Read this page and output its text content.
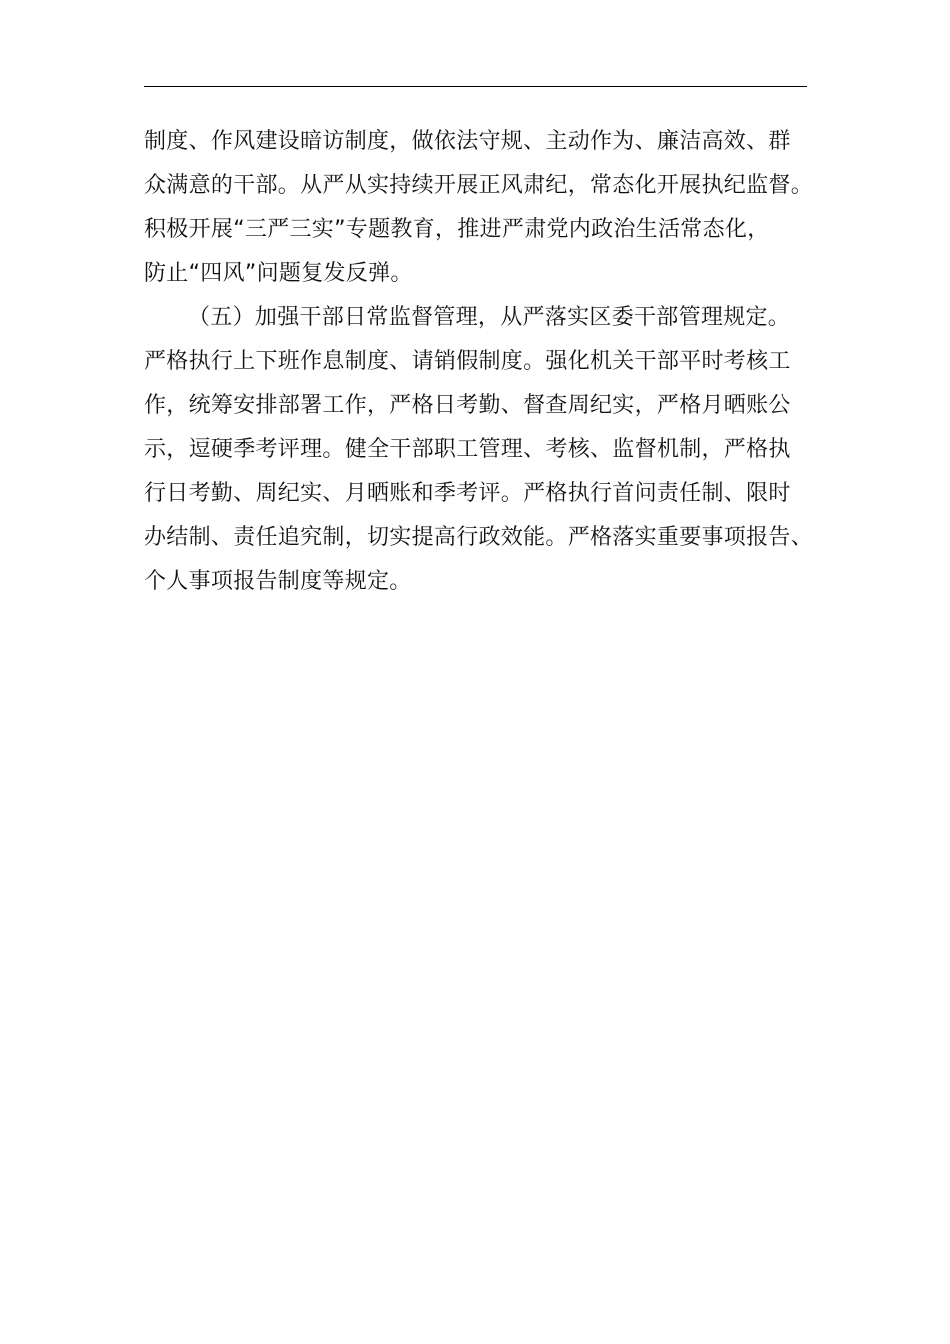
制度、作风建设暗访制度，做依法守规、主动作为、廉洁高效、群
众满意的干部。从严从实持续开展正风肃纪，常态化开展执纪监督。
积极开展“三严三实”专题教育，推进严肃党内政治生活常态化，
防止“四风”问题复发反弹。
（五）加强干部日常监督管理，从严落实区委干部管理规定。
严格执行上下班作息制度、请销假制度。强化机关干部平时考核工
作，统筹安排部署工作，严格日考勤、督查周纪实，严格月晒账公
示，逗硬季考评理。健全干部职工管理、考核、监督机制，严格执
行日考勤、周纪实、月晒账和季考评。严格执行首问责任制、限时
办结制、责任追究制，切实提高行政效能。严格落实重要事项报告、
个人事项报告制度等规定。
